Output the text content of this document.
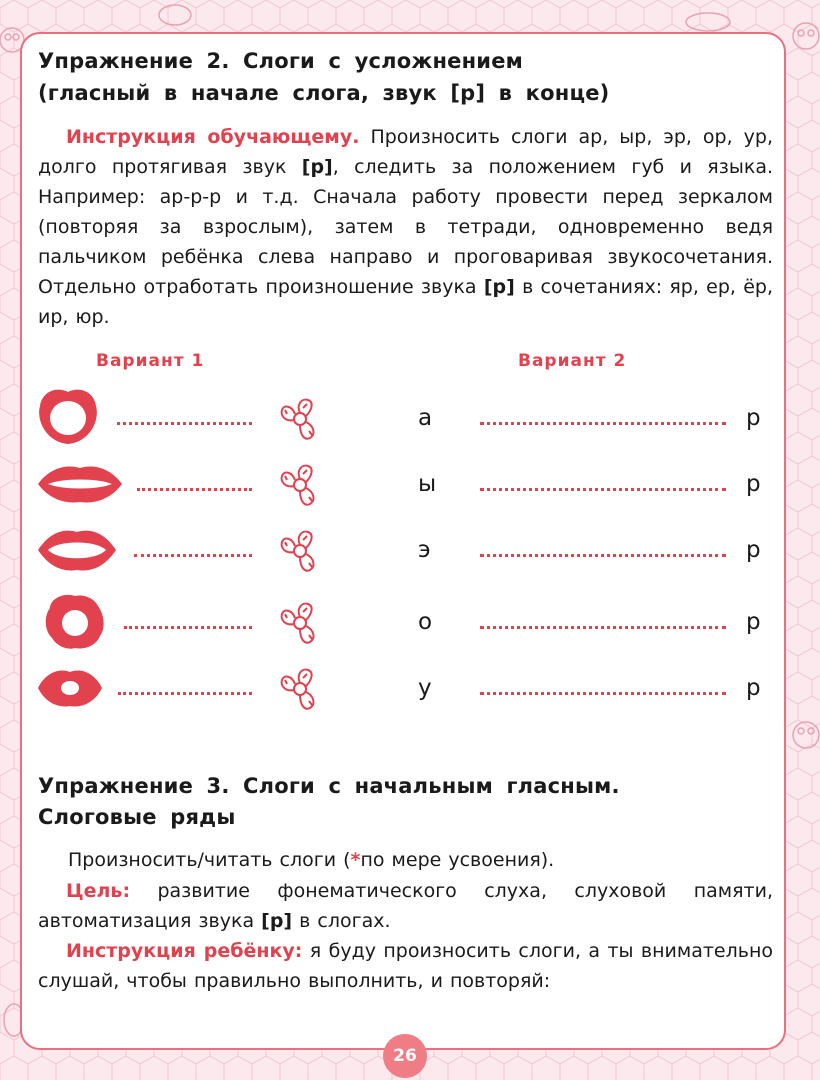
Упражнение 2. Слоги с усложнением
(гласный в начале слога, звук [р] в конце)

Инструкция обучающему. Произносить слоги ар, ыр, эр, ор, ур, долго протягивая звук [р], следить за положением губ и языка. Например: ар-р-р и т.д. Сначала работу провести перед зеркалом (повторяя за взрослым), затем в тетради, одновременно ведя пальчиком ребёнка слева направо и проговаривая звукосочетания. Отдельно отработать произношение звука [р] в сочетаниях: яр, ер, ёр, ир, юр.

Вариант 1	Вариант 2
а	р
ы	р
э	р
о	р
у	р
Упражнение 3. Слоги с начальным гласным.
Слоговые ряды

Произносить/читать слоги (*по мере усвоения).

Цель: развитие фонематического слуха, слуховой памяти, автоматизация звука [р] в слогах.

Инструкция ребёнку: я буду произносить слоги, а ты внимательно слушай, чтобы правильно выполнить, и повторяй:

26
